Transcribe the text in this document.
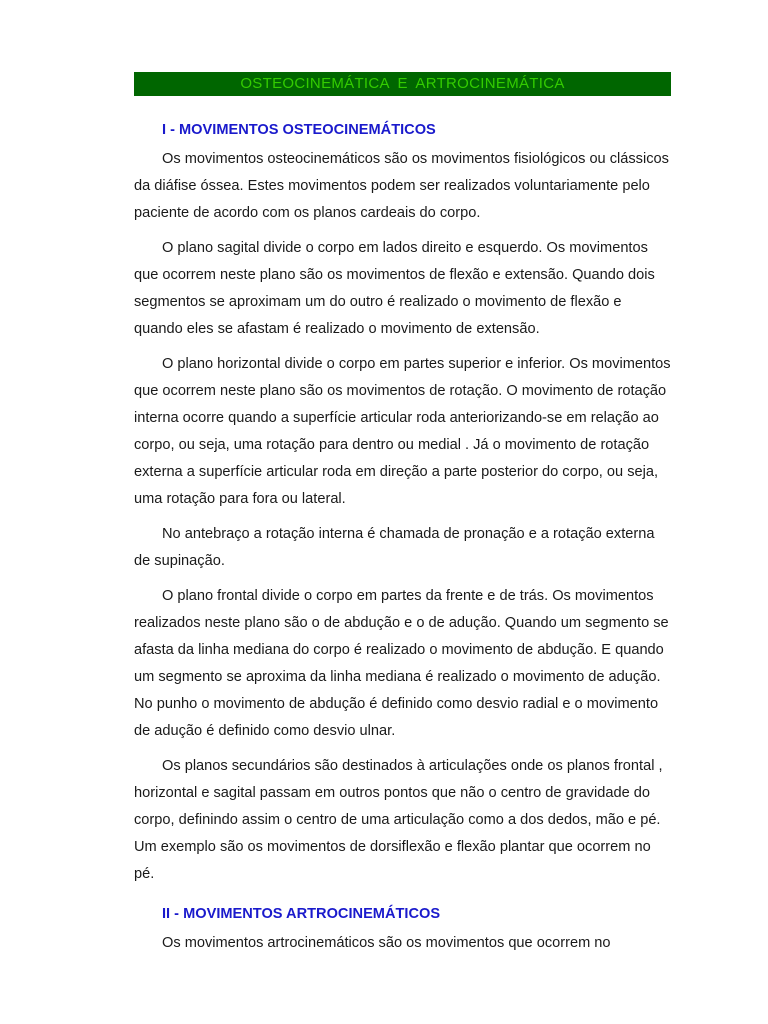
OSTEOCINEMÁTICA E ARTROCINEMÁTICA
I - MOVIMENTOS OSTEOCINEMÁTICOS

Os movimentos osteocinemáticos são os movimentos fisiológicos ou clássicos da diáfise óssea. Estes movimentos podem ser realizados voluntariamente pelo paciente de acordo com os planos cardeais do corpo.

O plano sagital divide o corpo em lados direito e esquerdo. Os movimentos que ocorrem neste plano são os movimentos de flexão e extensão. Quando dois segmentos se aproximam um do outro é realizado o movimento de flexão e quando eles se afastam é realizado o movimento de extensão.

O plano horizontal divide o corpo em partes superior e inferior. Os movimentos que ocorrem neste plano são os movimentos de rotação. O movimento de rotação interna ocorre quando a superfície articular roda anteriorizando-se em relação ao corpo, ou seja, uma rotação para dentro ou medial . Já o movimento de rotação externa a superfície articular roda em direção a parte posterior do corpo, ou seja, uma rotação para fora ou lateral.

No antebraço a rotação interna é chamada de pronação e a rotação externa de supinação.

O plano frontal divide o corpo em partes da frente e de trás. Os movimentos realizados neste plano são o de abdução e o de adução. Quando um segmento se afasta da linha mediana do corpo é realizado o movimento de abdução. E quando um segmento se aproxima da linha mediana é realizado o movimento de adução. No punho o movimento de abdução é definido como desvio radial e o movimento de adução é definido como desvio ulnar.

Os planos secundários são destinados à articulações onde os planos frontal , horizontal e sagital passam em outros pontos que não o centro de gravidade do corpo, definindo assim o centro de uma articulação como a dos dedos, mão e pé. Um exemplo são os movimentos de dorsiflexão e flexão plantar que ocorrem no pé.

II - MOVIMENTOS ARTROCINEMÁTICOS

Os movimentos artrocinemáticos são os movimentos que ocorrem no
